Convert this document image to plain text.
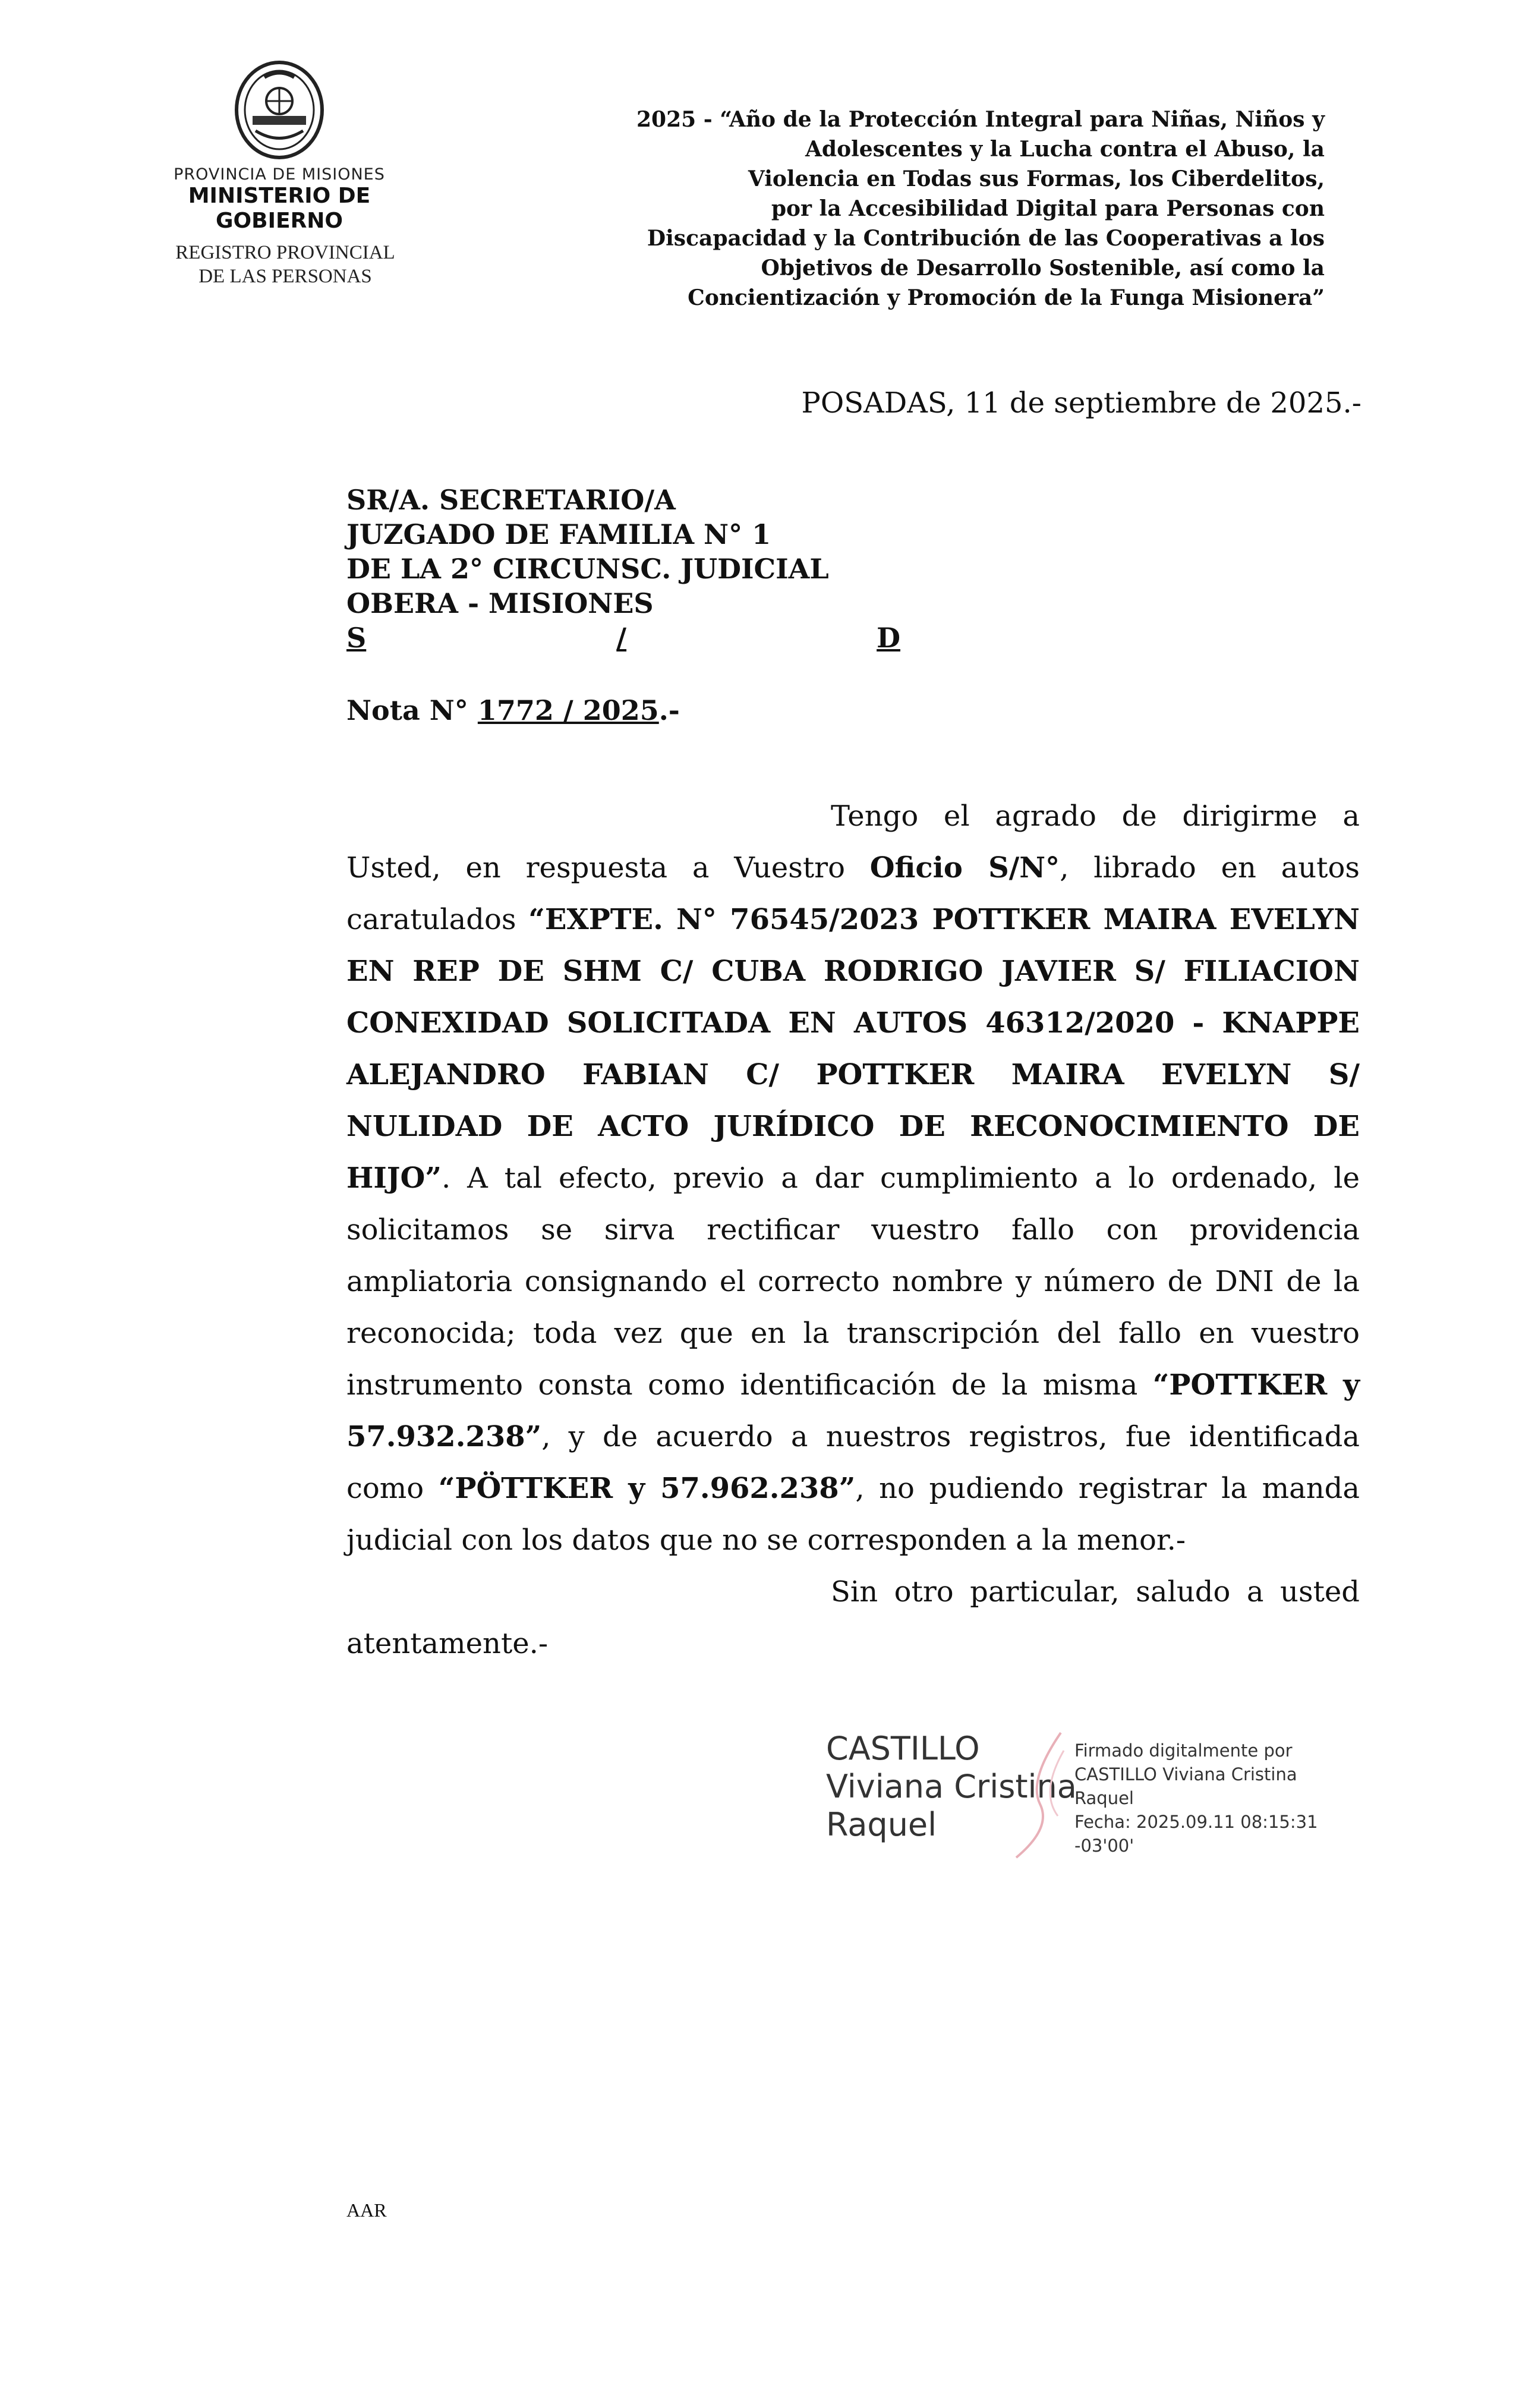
PROVINCIA DE MISIONES
MINISTERIO DE GOBIERNO
REGISTRO PROVINCIAL
DE LAS PERSONAS
2025 - “Año de la Protección Integral para Niñas, Niños y
Adolescentes y la Lucha contra el Abuso, la
Violencia en Todas sus Formas, los Ciberdelitos,
por la Accesibilidad Digital para Personas con
Discapacidad y la Contribución de las Cooperativas a los
Objetivos de Desarrollo Sostenible, así como la
Concientización y Promoción de la Funga Misionera”

POSADAS, 11 de septiembre de 2025.-

SR/A. SECRETARIO/A
JUZGADO DE FAMILIA N° 1
DE LA 2° CIRCUNSC. JUDICIAL
OBERA - MISIONES
S	/	D

Nota N° 1772 / 2025.-

Tengo el agrado de dirigirme a Usted, en respuesta a Vuestro Oficio S/N°, librado en autos caratulados “EXPTE. N° 76545/2023 POTTKER MAIRA EVELYN EN REP DE SHM C/ CUBA RODRIGO JAVIER S/ FILIACION CONEXIDAD SOLICITADA EN AUTOS 46312/2020 - KNAPPE ALEJANDRO FABIAN C/ POTTKER MAIRA EVELYN S/ NULIDAD DE ACTO JURÍDICO DE RECONOCIMIENTO DE HIJO”. A tal efecto, previo a dar cumplimiento a lo ordenado, le solicitamos se sirva rectificar vuestro fallo con providencia ampliatoria consignando el correcto nombre y número de DNI de la reconocida; toda vez que en la transcripción del fallo en vuestro instrumento consta como identificación de la misma “POTTKER y 57.932.238”, y de acuerdo a nuestros registros, fue identificada como “PÖTTKER y 57.962.238”, no pudiendo registrar la manda judicial con los datos que no se corresponden a la menor.-

Sin otro particular, saludo a usted atentamente.-

CASTILLO
Viviana Cristina
Raquel
Firmado digitalmente por
CASTILLO Viviana Cristina
Raquel
Fecha: 2025.09.11 08:15:31
-03'00'

AAR
